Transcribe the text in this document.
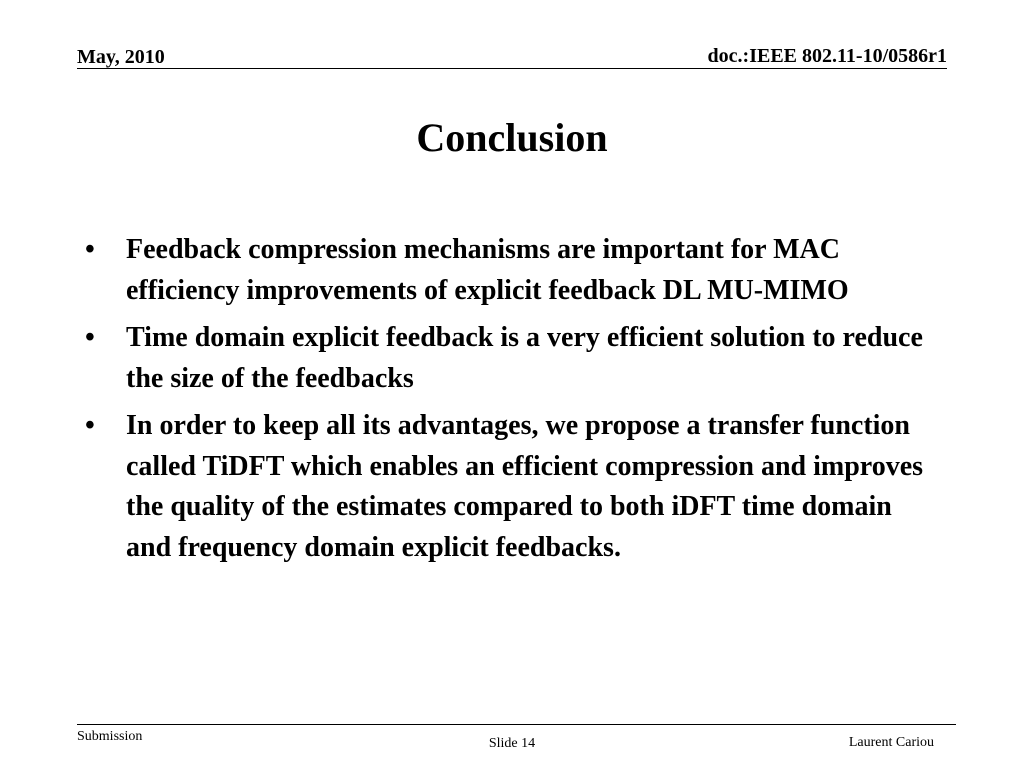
May, 2010	doc.:IEEE 802.11-10/0586r1
Conclusion
•	Feedback compression mechanisms are important for MAC efficiency improvements of explicit feedback DL MU-MIMO
•	Time domain explicit feedback is a very efficient solution to reduce the size of the feedbacks
•	In order to keep all its advantages, we propose a transfer function called TiDFT which enables an efficient compression and improves the quality of the estimates compared to both iDFT time domain and frequency domain explicit feedbacks.
Submission	Slide 14	Laurent Cariou
